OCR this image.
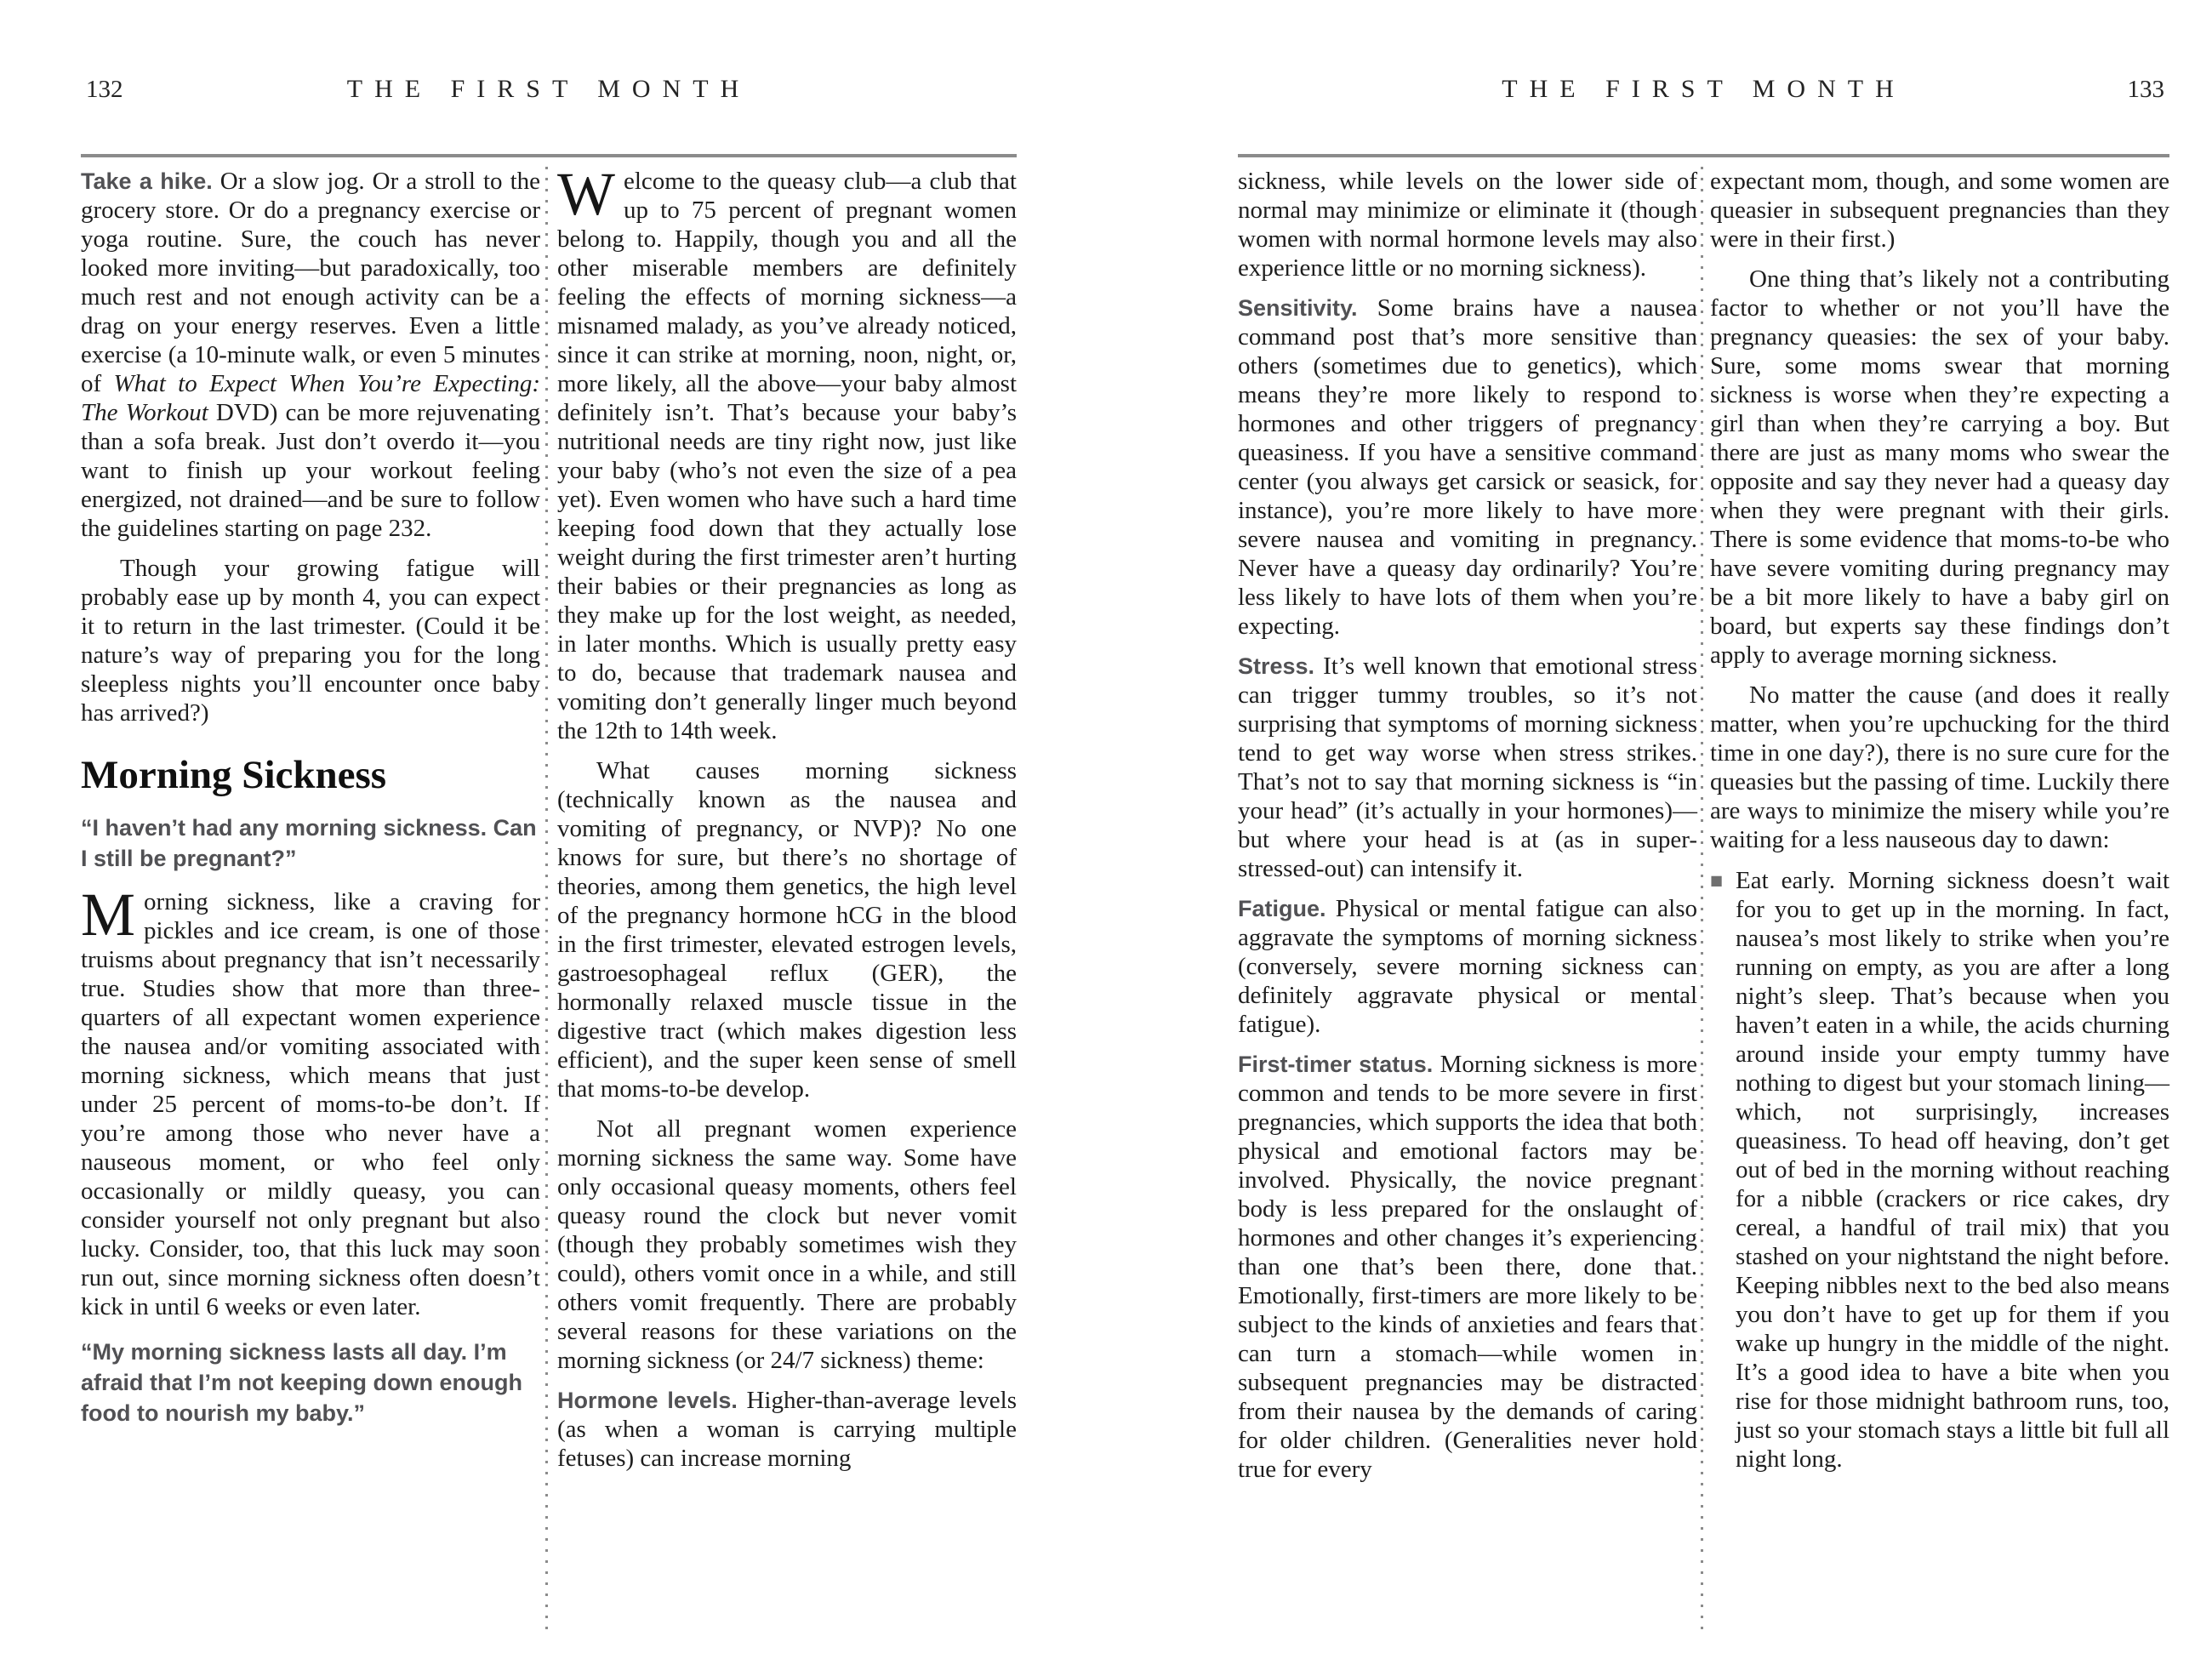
THE FIRST MONTH
132

Take a hike. Or a slow jog. Or a stroll to the grocery store. Or do a pregnancy exercise or yoga routine. Sure, the couch has never looked more inviting—but paradoxically, too much rest and not enough activity can be a drag on your energy reserves. Even a little exercise (a 10-minute walk, or even 5 minutes of What to Expect When You’re Expecting: The Workout DVD) can be more rejuvenating than a sofa break. Just don’t overdo it—you want to finish up your workout feeling energized, not drained—and be sure to follow the guidelines starting on page 232.

Though your growing fatigue will probably ease up by month 4, you can expect it to return in the last trimester. (Could it be nature’s way of preparing you for the long sleepless nights you’ll encounter once baby has arrived?)

Morning Sickness

“I haven’t had any morning sickness. Can I still be pregnant?”

Morning sickness, like a craving for pickles and ice cream, is one of those truisms about pregnancy that isn’t necessarily true. Studies show that more than three-quarters of all expectant women experience the nausea and/or vomiting associated with morning sickness, which means that just under 25 percent of moms-to-be don’t. If you’re among those who never have a nauseous moment, or who feel only occasionally or mildly queasy, you can consider yourself not only pregnant but also lucky. Consider, too, that this luck may soon run out, since morning sickness often doesn’t kick in until 6 weeks or even later.

“My morning sickness lasts all day. I’m afraid that I’m not keeping down enough food to nourish my baby.”

Welcome to the queasy club—a club that up to 75 percent of pregnant women belong to. Happily, though you and all the other miserable members are definitely feeling the effects of morning sickness—a misnamed malady, as you’ve already noticed, since it can strike at morning, noon, night, or, more likely, all the above—your baby almost definitely isn’t. That’s because your baby’s nutritional needs are tiny right now, just like your baby (who’s not even the size of a pea yet). Even women who have such a hard time keeping food down that they actually lose weight during the first trimester aren’t hurting their babies or their pregnancies as long as they make up for the lost weight, as needed, in later months. Which is usually pretty easy to do, because that trademark nausea and vomiting don’t generally linger much beyond the 12th to 14th week.

What causes morning sickness (technically known as the nausea and vomiting of pregnancy, or NVP)? No one knows for sure, but there’s no shortage of theories, among them genetics, the high level of the pregnancy hormone hCG in the blood in the first trimester, elevated estrogen levels, gastroesophageal reflux (GER), the hormonally relaxed muscle tissue in the digestive tract (which makes digestion less efficient), and the super keen sense of smell that moms-to-be develop.

Not all pregnant women experience morning sickness the same way. Some have only occasional queasy moments, others feel queasy round the clock but never vomit (though they probably sometimes wish they could), others vomit once in a while, and still others vomit frequently. There are probably several reasons for these variations on the morning sickness (or 24/7 sickness) theme:

Hormone levels. Higher-than-average levels (as when a woman is carrying multiple fetuses) can increase morning

THE FIRST MONTH	133

sickness, while levels on the lower side of normal may minimize or eliminate it (though women with normal hormone levels may also experience little or no morning sickness).

Sensitivity. Some brains have a nausea command post that’s more sensitive than others (sometimes due to genetics), which means they’re more likely to respond to hormones and other triggers of pregnancy queasiness. If you have a sensitive command center (you always get carsick or seasick, for instance), you’re more likely to have more severe nausea and vomiting in pregnancy. Never have a queasy day ordinarily? You’re less likely to have lots of them when you’re expecting.

Stress. It’s well known that emotional stress can trigger tummy troubles, so it’s not surprising that symptoms of morning sickness tend to get way worse when stress strikes. That’s not to say that morning sickness is “in your head” (it’s actually in your hormones)—but where your head is at (as in super-stressed-out) can intensify it.

Fatigue. Physical or mental fatigue can also aggravate the symptoms of morning sickness (conversely, severe morning sickness can definitely aggravate physical or mental fatigue).

First-timer status. Morning sickness is more common and tends to be more severe in first pregnancies, which supports the idea that both physical and emotional factors may be involved. Physically, the novice pregnant body is less prepared for the onslaught of hormones and other changes it’s experiencing than one that’s been there, done that. Emotionally, first-timers are more likely to be subject to the kinds of anxieties and fears that can turn a stomach—while women in subsequent pregnancies may be distracted from their nausea by the demands of caring for older children. (Generalities never hold true for every

expectant mom, though, and some women are queasier in subsequent pregnancies than they were in their first.)

One thing that’s likely not a contributing factor to whether or not you’ll have the pregnancy queasies: the sex of your baby. Sure, some moms swear that morning sickness is worse when they’re expecting a girl than when they’re carrying a boy. But there are just as many moms who swear the opposite and say they never had a queasy day when they were pregnant with their girls. There is some evidence that moms-to-be who have severe vomiting during pregnancy may be a bit more likely to have a baby girl on board, but experts say these findings don’t apply to average morning sickness.

No matter the cause (and does it really matter, when you’re upchucking for the third time in one day?), there is no sure cure for the queasies but the passing of time. Luckily there are ways to minimize the misery while you’re waiting for a less nauseous day to dawn:

■ Eat early. Morning sickness doesn’t wait for you to get up in the morning. In fact, nausea’s most likely to strike when you’re running on empty, as you are after a long night’s sleep. That’s because when you haven’t eaten in a while, the acids churning around inside your empty tummy have nothing to digest but your stomach lining—which, not surprisingly, increases queasiness. To head off heaving, don’t get out of bed in the morning without reaching for a nibble (crackers or rice cakes, dry cereal, a handful of trail mix) that you stashed on your nightstand the night before. Keeping nibbles next to the bed also means you don’t have to get up for them if you wake up hungry in the middle of the night. It’s a good idea to have a bite when you rise for those midnight bathroom runs, too, just so your stomach stays a little bit full all night long.
